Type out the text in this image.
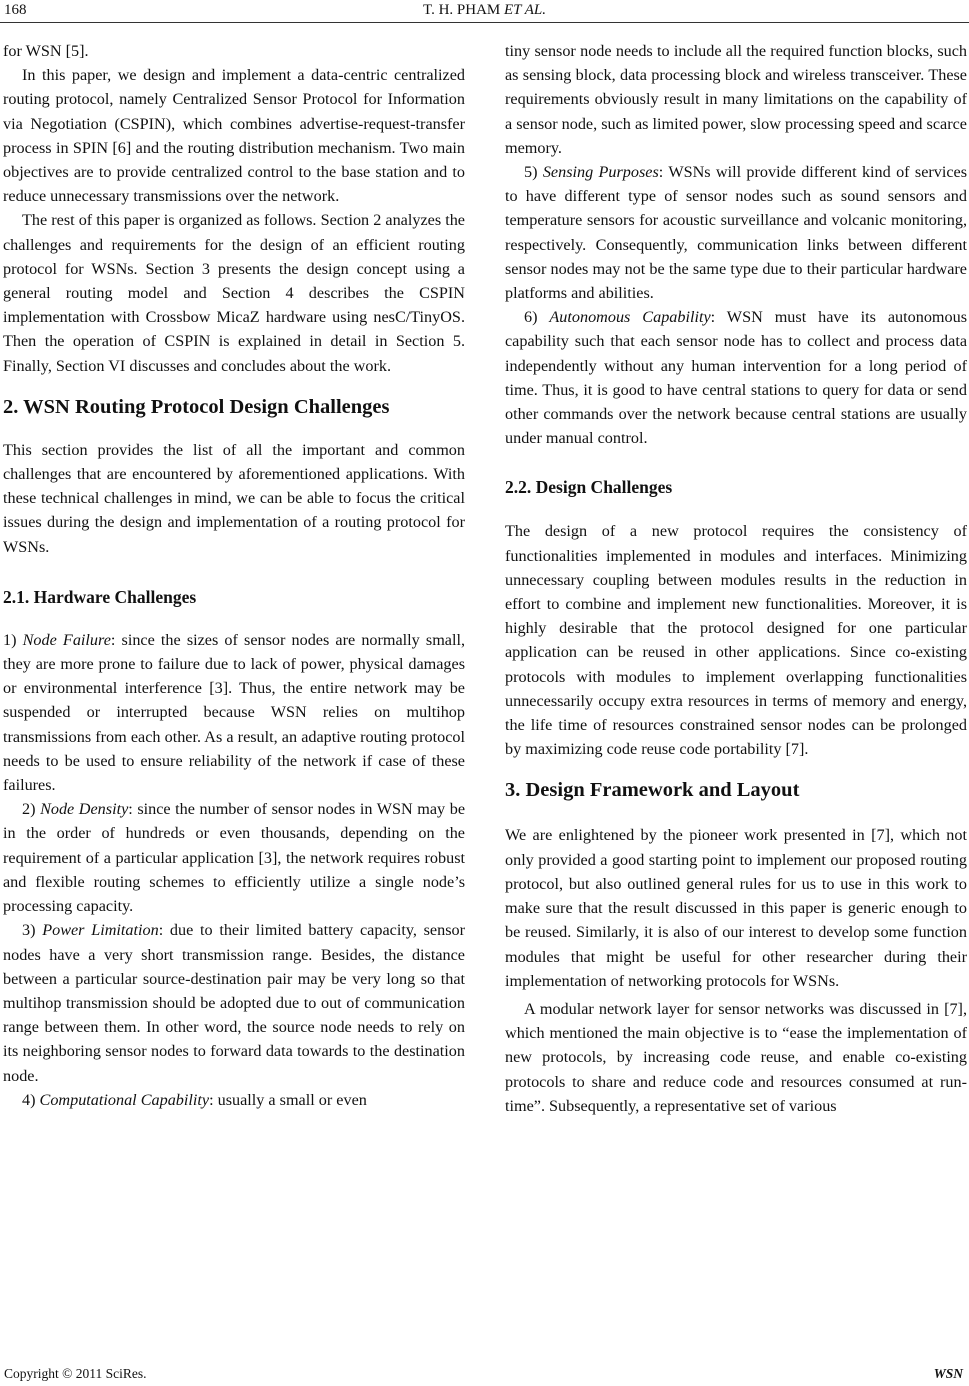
168	T. H. PHAM ET AL.

for WSN [5].

In this paper, we design and implement a data-centric centralized routing protocol, namely Centralized Sensor Protocol for Information via Negotiation (CSPIN), which combines advertise-request-transfer process in SPIN [6] and the routing distribution mechanism. Two main objectives are to provide centralized control to the base station and to reduce unnecessary transmissions over the network.

The rest of this paper is organized as follows. Section 2 analyzes the challenges and requirements for the design of an efficient routing protocol for WSNs. Section 3 presents the design concept using a general routing model and Section 4 describes the CSPIN implementation with Crossbow MicaZ hardware using nesC/TinyOS. Then the operation of CSPIN is explained in detail in Section 5. Finally, Section VI discusses and concludes about the work.

2. WSN Routing Protocol Design Challenges

This section provides the list of all the important and common challenges that are encountered by aforementioned applications. With these technical challenges in mind, we can be able to focus the critical issues during the design and implementation of a routing protocol for WSNs.

2.1. Hardware Challenges

1) Node Failure: since the sizes of sensor nodes are normally small, they are more prone to failure due to lack of power, physical damages or environmental interference [3]. Thus, the entire network may be suspended or interrupted because WSN relies on multihop transmissions from each other. As a result, an adaptive routing protocol needs to be used to ensure reliability of the network if case of these failures.

2) Node Density: since the number of sensor nodes in WSN may be in the order of hundreds or even thousands, depending on the requirement of a particular application [3], the network requires robust and flexible routing schemes to efficiently utilize a single node’s processing capacity.

3) Power Limitation: due to their limited battery capacity, sensor nodes have a very short transmission range. Besides, the distance between a particular source-destination pair may be very long so that multihop transmission should be adopted due to out of communication range between them. In other word, the source node needs to rely on its neighboring sensor nodes to forward data towards to the destination node.

4) Computational Capability: usually a small or even

tiny sensor node needs to include all the required function blocks, such as sensing block, data processing block and wireless transceiver. These requirements obviously result in many limitations on the capability of a sensor node, such as limited power, slow processing speed and scarce memory.

5) Sensing Purposes: WSNs will provide different kind of services to have different type of sensor nodes such as sound sensors and temperature sensors for acoustic surveillance and volcanic monitoring, respectively. Consequently, communication links between different sensor nodes may not be the same type due to their particular hardware platforms and abilities.

6) Autonomous Capability: WSN must have its autonomous capability such that each sensor node has to collect and process data independently without any human intervention for a long period of time. Thus, it is good to have central stations to query for data or send other commands over the network because central stations are usually under manual control.

2.2. Design Challenges

The design of a new protocol requires the consistency of functionalities implemented in modules and interfaces. Minimizing unnecessary coupling between modules results in the reduction in effort to combine and implement new functionalities. Moreover, it is highly desirable that the protocol designed for one particular application can be reused in other applications. Since co-existing protocols with modules to implement overlapping functionalities unnecessarily occupy extra resources in terms of memory and energy, the life time of resources constrained sensor nodes can be prolonged by maximizing code reuse code portability [7].

3. Design Framework and Layout

We are enlightened by the pioneer work presented in [7], which not only provided a good starting point to implement our proposed routing protocol, but also outlined general rules for us to use in this work to make sure that the result discussed in this paper is generic enough to be reused. Similarly, it is also of our interest to develop some function modules that might be useful for other researcher during their implementation of networking protocols for WSNs.

A modular network layer for sensor networks was discussed in [7], which mentioned the main objective is to “ease the implementation of new protocols, by increasing code reuse, and enable co-existing protocols to share and reduce code and resources consumed at run-time”. Subsequently, a representative set of various

Copyright © 2011 SciRes.	WSN
